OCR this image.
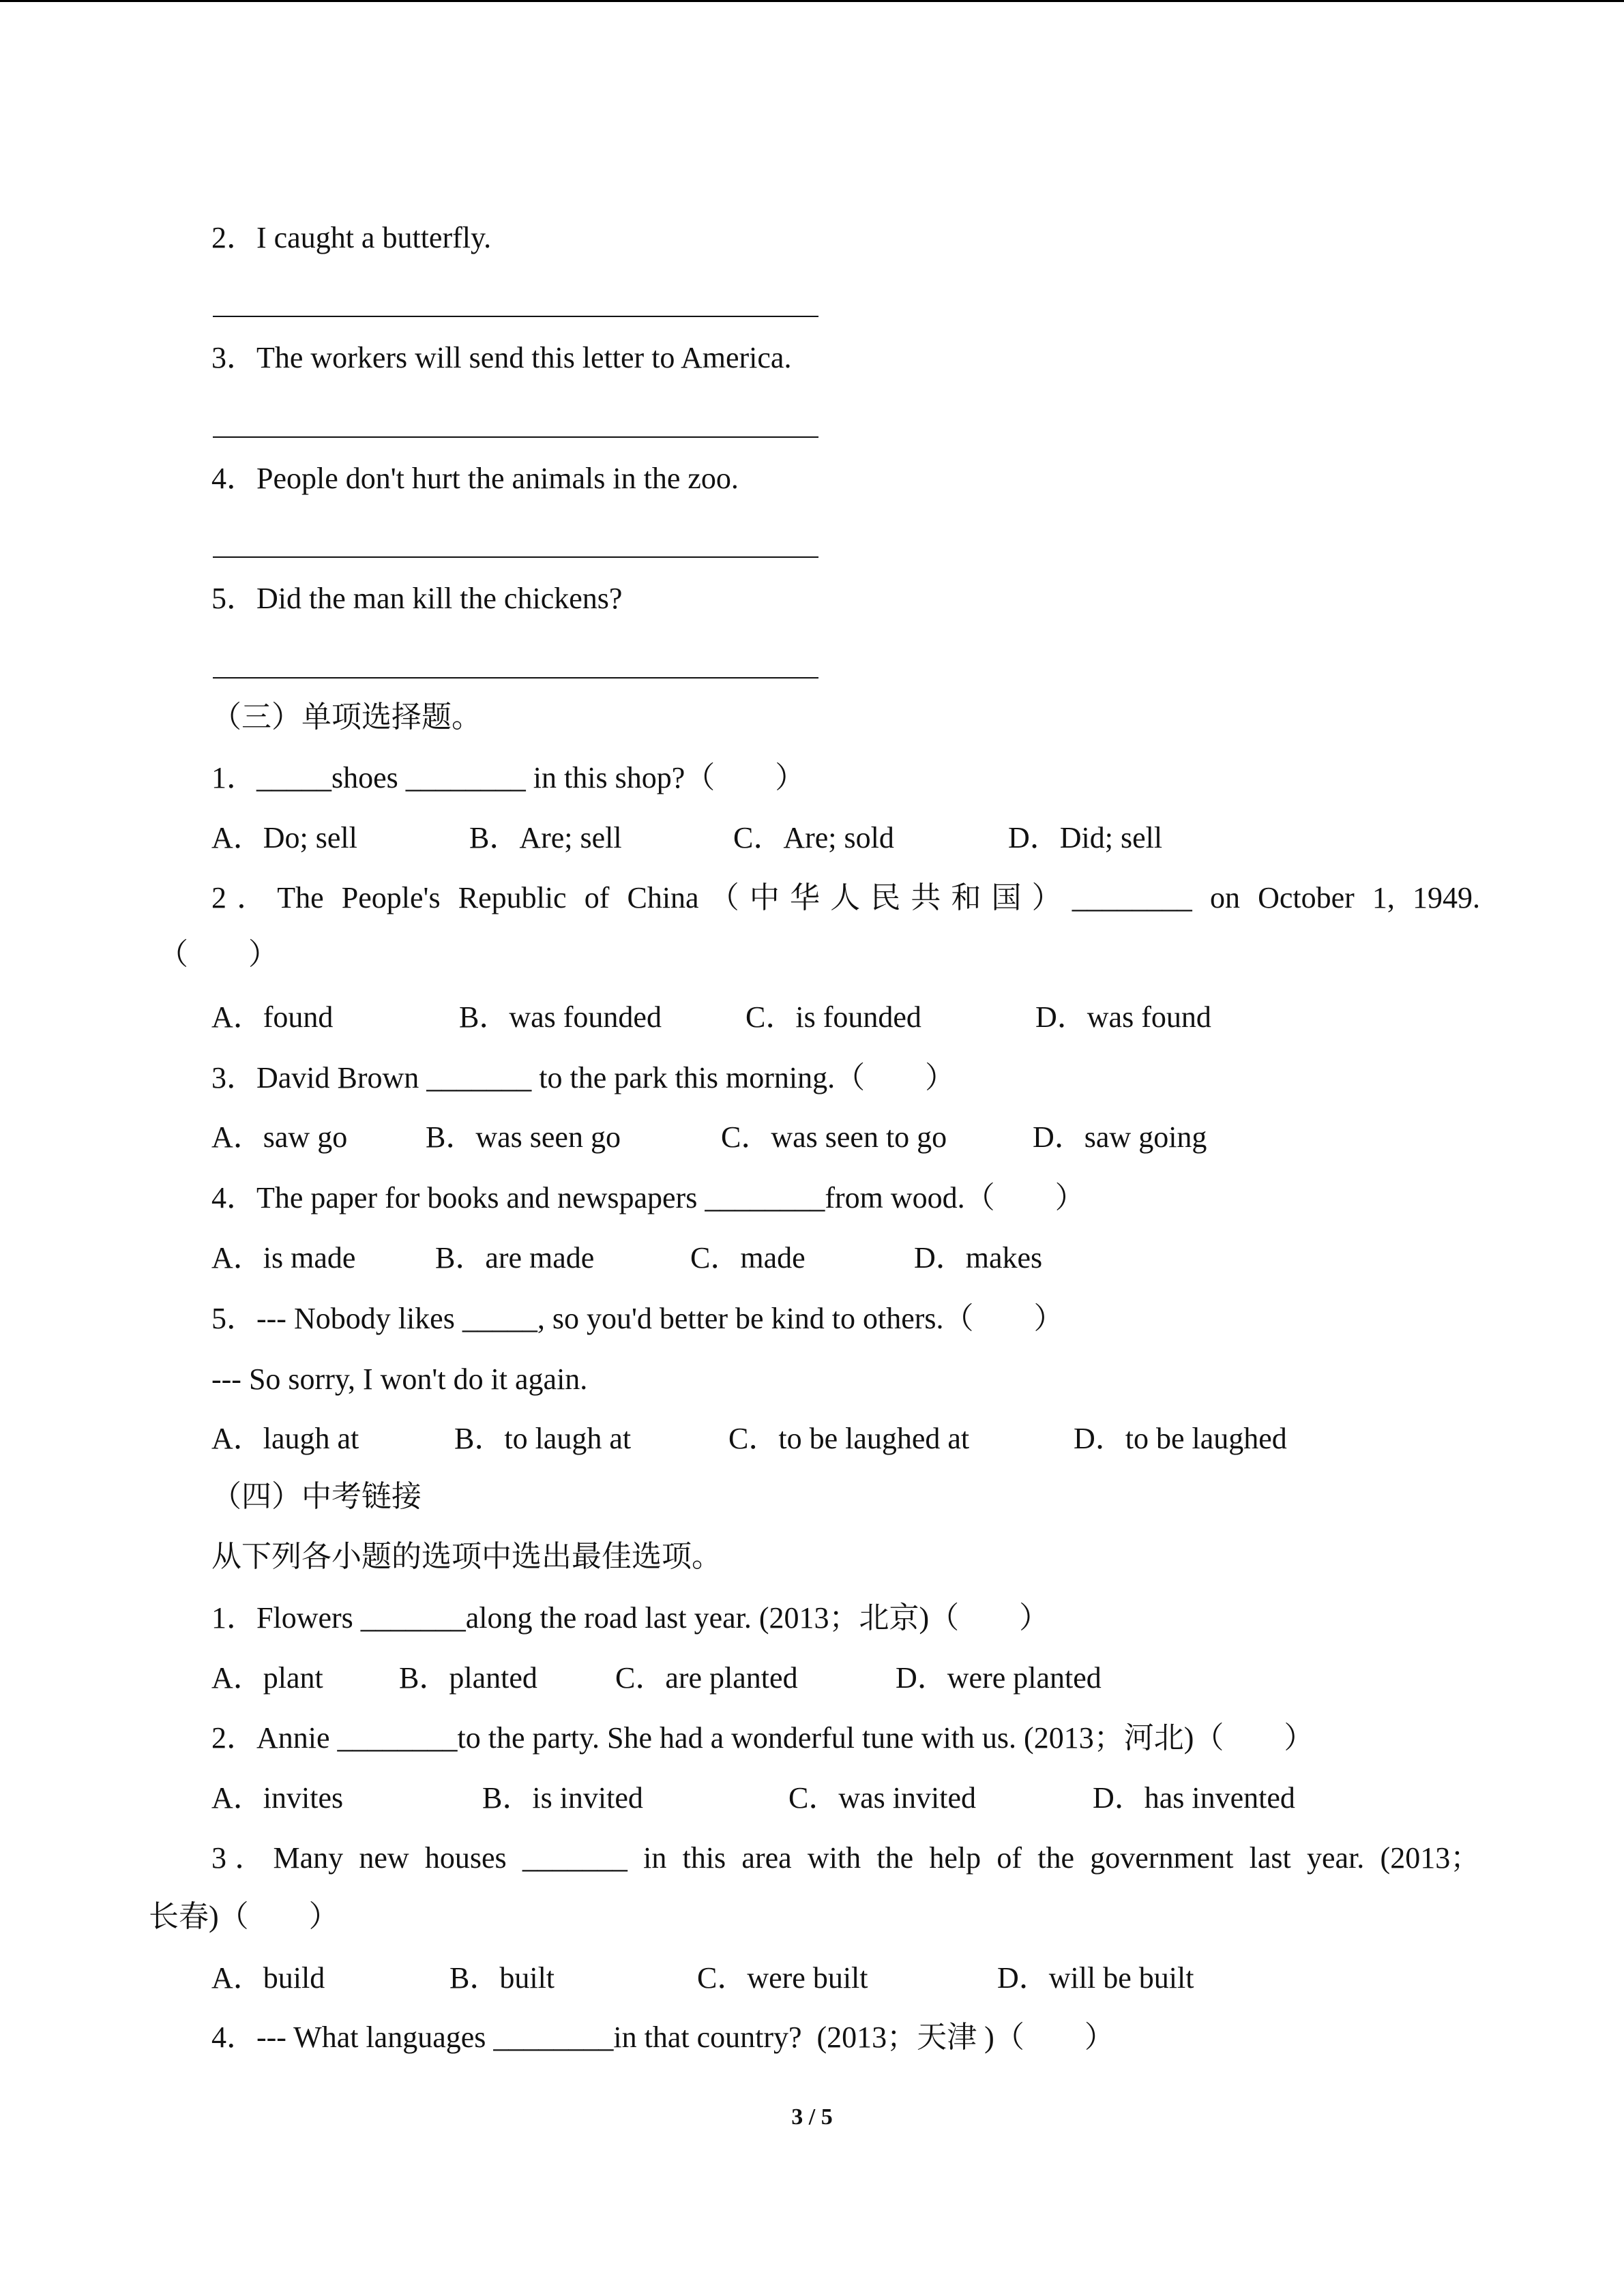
2．I caught a butterfly.
3．The workers will send this letter to America.
4．People don't hurt the animals in the zoo.
5．Did the man kill the chickens?
（三）单项选择题。
1．_____shoes ________ in this shop?（　　）
A．Do; sell	B．Are; sell	C．Are; sold	D．Did; sell
2．The People's Republic of China（中华人民共和国）________ on October 1, 1949.
（　　）
A．found	B．was founded	C．is founded	D．was found
3．David Brown _______ to the park this morning.（　　）
A．saw go	B．was seen go	C．was seen to go	D．saw going
4．The paper for books and newspapers ________from wood.（　　）
A．is made	B．are made	C．made	D．makes
5．--- Nobody likes _____, so you'd better be kind to others.（　　）
--- So sorry, I won't do it again.
A．laugh at	B．to laugh at	C．to be laughed at	D．to be laughed
（四）中考链接
从下列各小题的选项中选出最佳选项。
1．Flowers _______along the road last year. (2013；北京)（　　）
A．plant	B．planted	C．are planted	D．were planted
2．Annie ________to the party. She had a wonderful tune with us. (2013；河北)（　　）
A．invites	B．is invited	C．was invited	D．has invented
3．Many new houses _______ in this area with the help of the government last year. (2013；
长春)（　　）
A．build	B．built	C．were built	D．will be built
4．--- What languages ________in that country?  (2013；天津 )（　　）
3 / 5
